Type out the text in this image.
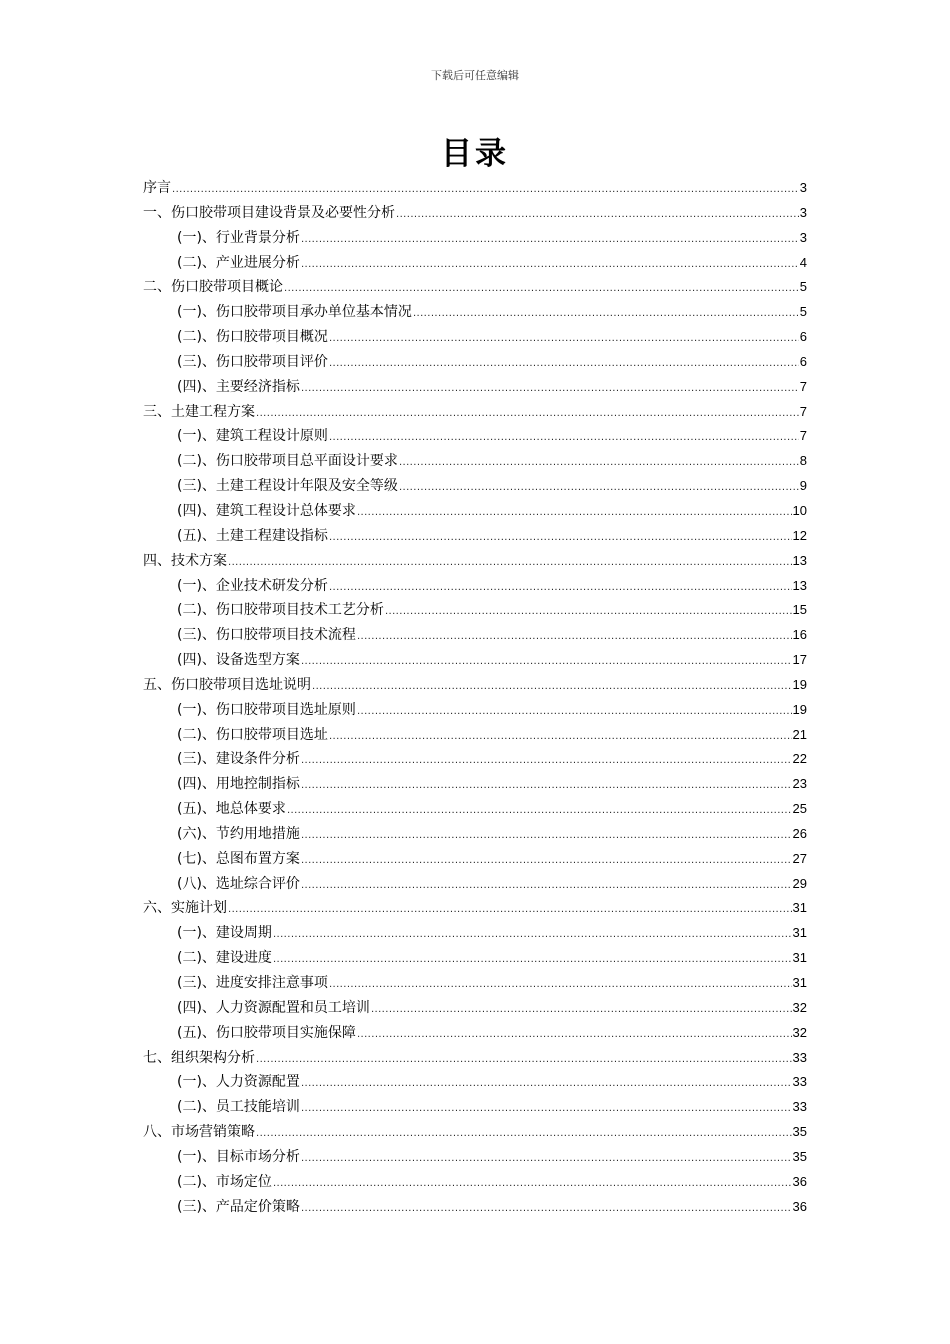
下载后可任意编辑
目录
序言 .....	3
一、伤口胶带项目建设背景及必要性分析 .....	3
(一)、行业背景分析 .....	3
(二)、产业进展分析 .....	4
二、伤口胶带项目概论 .....	5
(一)、伤口胶带项目承办单位基本情况 .....	5
(二)、伤口胶带项目概况 .....	6
(三)、伤口胶带项目评价 .....	6
(四)、主要经济指标 .....	7
三、土建工程方案 .....	7
(一)、建筑工程设计原则 .....	7
(二)、伤口胶带项目总平面设计要求 .....	8
(三)、土建工程设计年限及安全等级 .....	9
(四)、建筑工程设计总体要求 .....	10
(五)、土建工程建设指标 .....	12
四、技术方案 .....	13
(一)、企业技术研发分析 .....	13
(二)、伤口胶带项目技术工艺分析 .....	15
(三)、伤口胶带项目技术流程 .....	16
(四)、设备选型方案 .....	17
五、伤口胶带项目选址说明 .....	19
(一)、伤口胶带项目选址原则 .....	19
(二)、伤口胶带项目选址 .....	21
(三)、建设条件分析 .....	22
(四)、用地控制指标 .....	23
(五)、地总体要求 .....	25
(六)、节约用地措施 .....	26
(七)、总图布置方案 .....	27
(八)、选址综合评价 .....	29
六、实施计划 .....	31
(一)、建设周期 .....	31
(二)、建设进度 .....	31
(三)、进度安排注意事项 .....	31
(四)、人力资源配置和员工培训 .....	32
(五)、伤口胶带项目实施保障 .....	32
七、组织架构分析 .....	33
(一)、人力资源配置 .....	33
(二)、员工技能培训 .....	33
八、市场营销策略 .....	35
(一)、目标市场分析 .....	35
(二)、市场定位 .....	36
(三)、产品定价策略 .....	36
